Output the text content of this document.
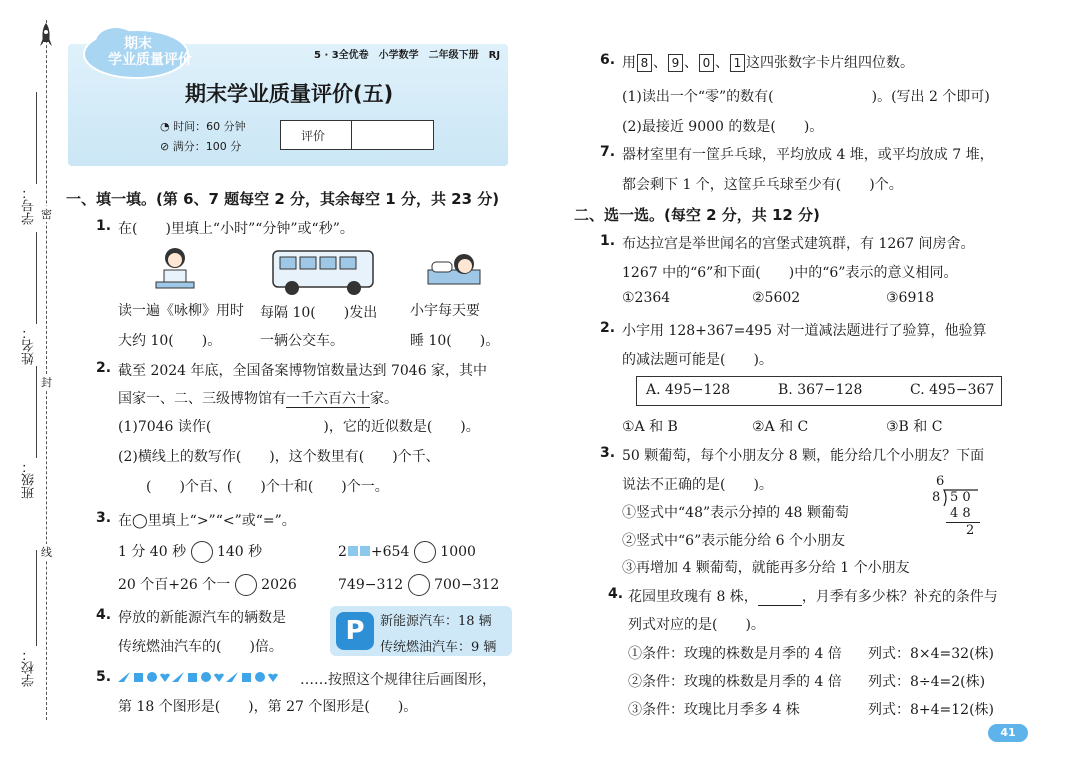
密
封
线
学号：
姓名：
班级：
学校：
5 · 3全优卷　小学数学　二年级下册　RJ
期末
学业质量评价
期末学业质量评价(五)
◔ 时间：60 分钟
⊘ 满分：100 分
评价
一、填一填。(第 6、7 题每空 2 分，其余每空 1 分，共 23 分)
1. 在(　　)里填上“小时”“分钟”或“秒”。
读一遍《咏柳》用时
大约 10(　　)。
每隔 10(　　)发出
一辆公交车。
小宇每天要
睡 10(　　)。
2. 截至 2024 年底，全国备案博物馆数量达到 7046 家，其中
国家一、二、三级博物馆有一千六百六十家。
(1)7046 读作(　　　　　　　　)，它的近似数是(　　)。
(2)横线上的数写作(　　)，这个数里有(　　)个千、
(　　)个百、(　　)个十和(　　)个一。
3. 在◯里填上“>”“<”或“=”。
1 分 40 秒 140 秒	2 +654 1000
20 个百+26 个一 2026	749−312 700−312
4. 停放的新能源汽车的辆数是
传统燃油汽车的(　　)倍。
P	新能源汽车：18 辆
传统燃油汽车：9 辆
5.	……按照这个规律往后画图形，
第 18 个图形是(　　)，第 27 个图形是(　　)。
6. 用 8 、 9 、 0 、 1 这四张数字卡片组四位数。
(1)读出一个“零”的数有(　　　　　　　)。(写出 2 个即可)
(2)最接近 9000 的数是(　　)。
7. 器材室里有一筐乒乓球，平均放成 4 堆，或平均放成 7 堆，
都会剩下 1 个，这筐乒乓球至少有(　　)个。
二、选一选。(每空 2 分，共 12 分)
1. 布达拉宫是举世闻名的宫堡式建筑群，有 1267 间房舍。
1267 中的“6”和下面(　　)中的“6”表示的意义相同。
①2364	②5602	③6918
2. 小宇用 128+367=495 对一道减法题进行了验算，他验算
的减法题可能是(　　)。
A. 495−128	B. 367−128	C. 495−367
①A 和 B	②A 和 C	③B 和 C
3. 50 颗葡萄，每个小朋友分 8 颗，能分给几个小朋友？下面
说法不正确的是(　　)。
①竖式中“48”表示分掉的 48 颗葡萄
②竖式中“6”表示能分给 6 个小朋友
③再增加 4 颗葡萄，就能再多分给 1 个小朋友
6
8 5 0
4 8
2
4. 花园里玫瑰有 8 株，	，月季有多少株？补充的条件与
列式对应的是(　　)。
①条件：玫瑰的株数是月季的 4 倍 列式：8×4=32(株)
②条件：玫瑰的株数是月季的 4 倍 列式：8÷4=2(株)
③条件：玫瑰比月季多 4 株	列式：8+4=12(株)
41
